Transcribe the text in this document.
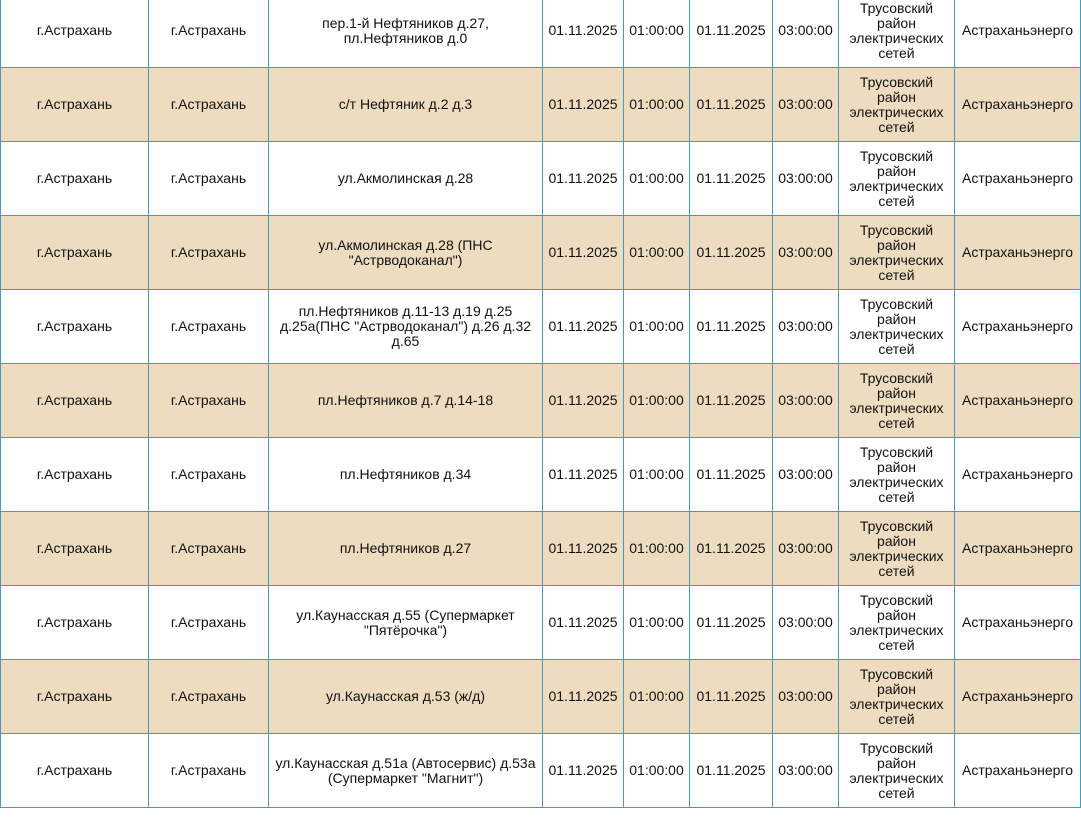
г.Астрахань	г.Астрахань	пер.1-й Нефтяников д.27, пл.Нефтяников д.0	01.11.2025	01:00:00	01.11.2025	03:00:00	Трусовский район электрических сетей	Астраханьэнерго
г.Астрахань	г.Астрахань	с/т Нефтяник д.2 д.3	01.11.2025	01:00:00	01.11.2025	03:00:00	Трусовский район электрических сетей	Астраханьэнерго
г.Астрахань	г.Астрахань	ул.Акмолинская д.28	01.11.2025	01:00:00	01.11.2025	03:00:00	Трусовский район электрических сетей	Астраханьэнерго
г.Астрахань	г.Астрахань	ул.Акмолинская д.28 (ПНС "Астрводоканал")	01.11.2025	01:00:00	01.11.2025	03:00:00	Трусовский район электрических сетей	Астраханьэнерго
г.Астрахань	г.Астрахань	пл.Нефтяников д.11-13 д.19 д.25 д.25а(ПНС "Астрводоканал") д.26 д.32 д.65	01.11.2025	01:00:00	01.11.2025	03:00:00	Трусовский район электрических сетей	Астраханьэнерго
г.Астрахань	г.Астрахань	пл.Нефтяников д.7 д.14-18	01.11.2025	01:00:00	01.11.2025	03:00:00	Трусовский район электрических сетей	Астраханьэнерго
г.Астрахань	г.Астрахань	пл.Нефтяников д.34	01.11.2025	01:00:00	01.11.2025	03:00:00	Трусовский район электрических сетей	Астраханьэнерго
г.Астрахань	г.Астрахань	пл.Нефтяников д.27	01.11.2025	01:00:00	01.11.2025	03:00:00	Трусовский район электрических сетей	Астраханьэнерго
г.Астрахань	г.Астрахань	ул.Каунасская д.55 (Супермаркет "Пятёрочка")	01.11.2025	01:00:00	01.11.2025	03:00:00	Трусовский район электрических сетей	Астраханьэнерго
г.Астрахань	г.Астрахань	ул.Каунасская д.53 (ж/д)	01.11.2025	01:00:00	01.11.2025	03:00:00	Трусовский район электрических сетей	Астраханьэнерго
г.Астрахань	г.Астрахань	ул.Каунасская д.51а (Автосервис) д.53а (Супермаркет "Магнит")	01.11.2025	01:00:00	01.11.2025	03:00:00	Трусовский район электрических сетей	Астраханьэнерго
